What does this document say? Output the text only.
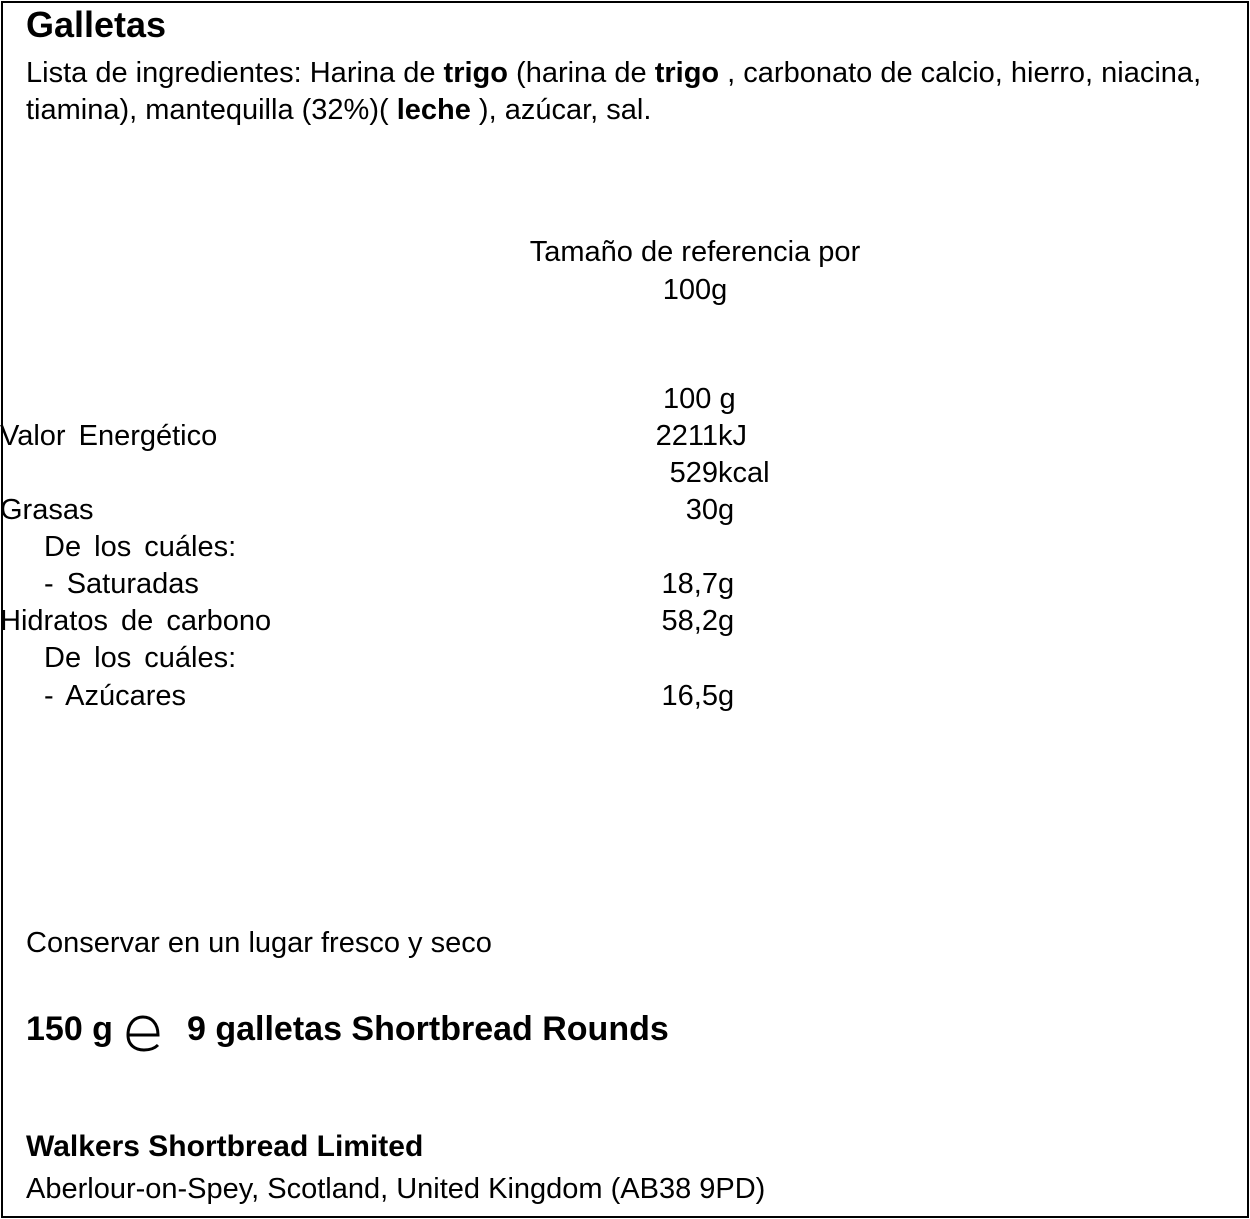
Galletas
Lista de ingredientes: Harina de trigo (harina de trigo , carbonato de calcio, hierro, niacina, tiamina), mantequilla (32%)( leche ), azúcar, sal.
Tamaño de referencia por
100g
100 g
Valor Energético	2211 kJ
529 kcal
Grasas	30 g
De los cuáles:
- Saturadas	18,7 g
Hidratos de carbono	58,2 g
De los cuáles:
- Azúcares	16,5 g
Conservar en un lugar fresco y seco
150 g 9 galletas Shortbread Rounds
Walkers Shortbread Limited
Aberlour-on-Spey, Scotland, United Kingdom (AB38 9PD)
